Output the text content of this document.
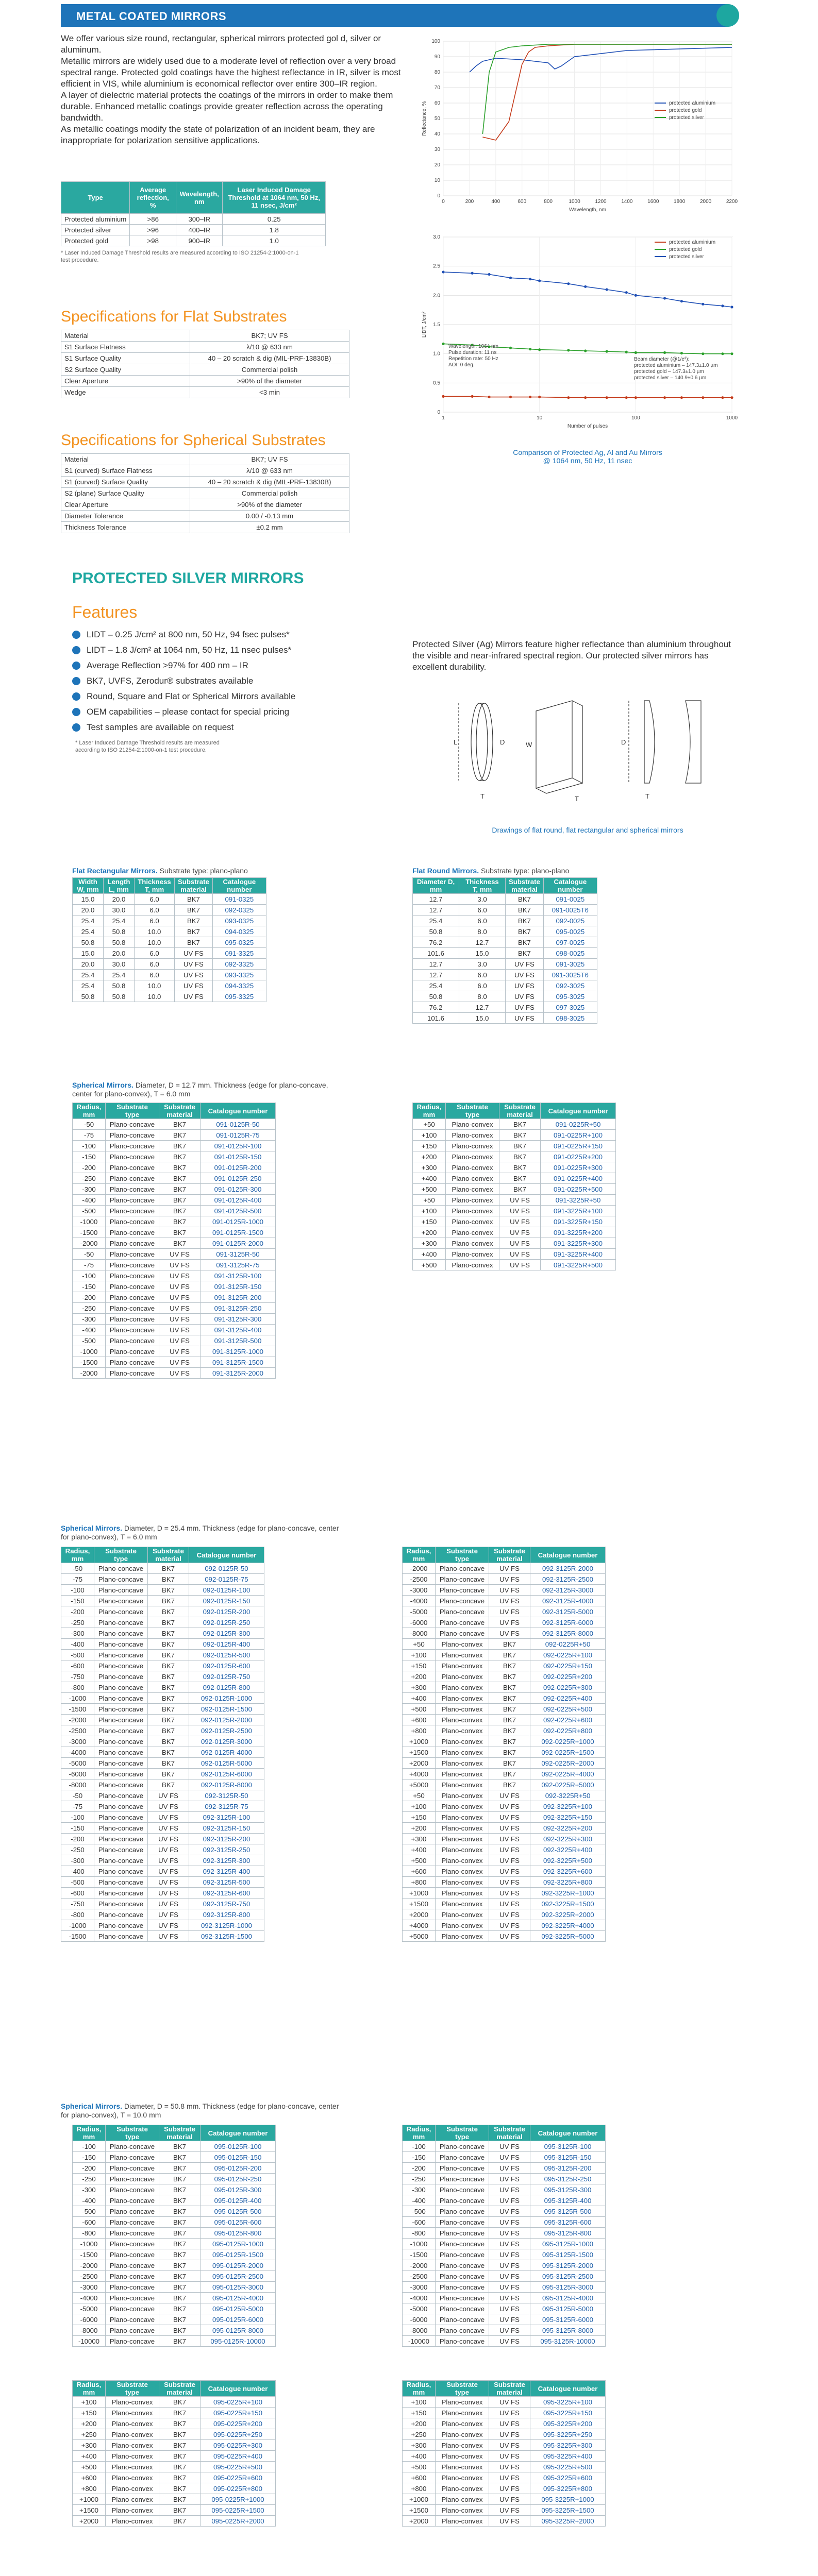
METAL COATED MIRRORS

We offer various size round, rectangular, spherical mirrors protected gol d, silver or aluminum.

Metallic mirrors are widely used due to a moderate level of reflection over a very broad spectral range. Protected gold coatings have the highest reflectance in IR, silver is most efficient in VIS, while aluminium is economical reflector over entire 300–IR region.

A layer of dielectric material protects the coatings of the mirrors in order to make them durable. Enhanced metallic coatings provide greater reflection across the operating bandwidth.

As metallic coatings modify the state of polarization of an incident beam, they are inappropriate for polarization sensitive applications.

Type	Average reflection, %	Wavelength, nm	Laser Induced Damage Threshold at 1064 nm, 50 Hz, 11 nsec, J/cm²
Protected aluminium	>86	300–IR	0.25
Protected silver	>96	400–IR	1.8
Protected gold	>98	900–IR	1.0
* Laser Induced Damage Threshold results are measured according to ISO 21254-2:1000-on-1 test procedure.
Specifications for Flat Substrates
Material	BK7; UV FS
S1 Surface Flatness	λ/10 @ 633 nm
S1 Surface Quality	40 – 20 scratch & dig (MIL-PRF-13830B)
S2 Surface Quality	Commercial polish
Clear Aperture	>90% of the diameter
Wedge	<3 min
Specifications for Spherical Substrates
Material	BK7; UV FS
S1 (curved) Surface Flatness	λ/10 @ 633 nm
S1 (curved) Surface Quality	40 – 20 scratch & dig (MIL-PRF-13830B)
S2 (plane) Surface Quality	Commercial polish
Clear Aperture	>90% of the diameter
Diameter Tolerance	0.00 / -0.13 mm
Thickness Tolerance	±0.2 mm
0
10
20
30
40
50
60
70
80
90
100
0	200	400	600	800	1000	1200	1400	1600	1800	2000	2200
Wavelength, nm
Reflectance, %	protected aluminium
protected gold
protected silver
0
0.5
1.0
1.5
2.0
2.5
3.0
1	10	100	1000
Number of pulses
LIDT, J/cm²
protected aluminium
protected gold
protected silver
Wavelength: 1064 nm
Pulse duration: 11 ns
Repetition rate: 50 Hz
AOI: 0 deg.
Beam diameter (@1/e²):
protected aluminium – 147.3±1.0 µm
protected gold – 147.3±1.0 µm
protected silver – 140.9±0.6 µm
Comparison of Protected Ag, Al and Au Mirrors
@ 1064 nm, 50 Hz, 11 nsec
PROTECTED SILVER MIRRORS
Features
LIDT – 0.25 J/cm² at 800 nm, 50 Hz, 94 fsec pulses*
LIDT – 1.8 J/cm² at 1064 nm, 50 Hz, 11 nsec pulses*
Average Reflection >97% for 400 nm – IR
BK7, UVFS, Zerodur® substrates available
Round, Square and Flat or Spherical Mirrors available
OEM capabilities – please contact for special pricing
Test samples are available on request
* Laser Induced Damage Threshold results are measured according to ISO 21254-2:1000-on-1 test procedure.
Protected Silver (Ag) Mirrors feature higher reflectance than aluminium throughout the visible and near-infrared spectral region. Our protected silver mirrors has excellent durability.
L	D
T	T
W	D
T
Drawings of flat round, flat rectangular and spherical mirrors
Flat Rectangular Mirrors. Substrate type: plano-plano
Width W, mm	Length L, mm	Thickness T, mm	Substrate material	Catalogue number
15.0	20.0	6.0	BK7	091-0325
20.0	30.0	6.0	BK7	092-0325
25.4	25.4	6.0	BK7	093-0325
25.4	50.8	10.0	BK7	094-0325
50.8	50.8	10.0	BK7	095-0325
15.0	20.0	6.0	UV FS	091-3325
20.0	30.0	6.0	UV FS	092-3325
25.4	25.4	6.0	UV FS	093-3325
25.4	50.8	10.0	UV FS	094-3325
50.8	50.8	10.0	UV FS	095-3325
Flat Round Mirrors. Substrate type: plano-plano
Diameter D, mm	Thickness T, mm	Substrate material	Catalogue number
12.7	3.0	BK7	091-0025
12.7	6.0	BK7	091-0025T6
25.4	6.0	BK7	092-0025
50.8	8.0	BK7	095-0025
76.2	12.7	BK7	097-0025
101.6	15.0	BK7	098-0025
12.7	3.0	UV FS	091-3025
12.7	6.0	UV FS	091-3025T6
25.4	6.0	UV FS	092-3025
50.8	8.0	UV FS	095-3025
76.2	12.7	UV FS	097-3025
101.6	15.0	UV FS	098-3025
Spherical Mirrors. Diameter, D = 12.7 mm. Thickness (edge for plano-concave, center for plano-convex), T = 6.0 mm
Radius, mm	Substrate type	Substrate material	Catalogue number
-50	Plano-concave	BK7	091-0125R-50
-75	Plano-concave	BK7	091-0125R-75
-100	Plano-concave	BK7	091-0125R-100
-150	Plano-concave	BK7	091-0125R-150
-200	Plano-concave	BK7	091-0125R-200
-250	Plano-concave	BK7	091-0125R-250
-300	Plano-concave	BK7	091-0125R-300
-400	Plano-concave	BK7	091-0125R-400
-500	Plano-concave	BK7	091-0125R-500
-1000	Plano-concave	BK7	091-0125R-1000
-1500	Plano-concave	BK7	091-0125R-1500
-2000	Plano-concave	BK7	091-0125R-2000
-50	Plano-concave	UV FS	091-3125R-50
-75	Plano-concave	UV FS	091-3125R-75
-100	Plano-concave	UV FS	091-3125R-100
-150	Plano-concave	UV FS	091-3125R-150
-200	Plano-concave	UV FS	091-3125R-200
-250	Plano-concave	UV FS	091-3125R-250
-300	Plano-concave	UV FS	091-3125R-300
-400	Plano-concave	UV FS	091-3125R-400
-500	Plano-concave	UV FS	091-3125R-500
-1000	Plano-concave	UV FS	091-3125R-1000
-1500	Plano-concave	UV FS	091-3125R-1500
-2000	Plano-concave	UV FS	091-3125R-2000
Radius, mm	Substrate type	Substrate material	Catalogue number
+50	Plano-convex	BK7	091-0225R+50
+100	Plano-convex	BK7	091-0225R+100
+150	Plano-convex	BK7	091-0225R+150
+200	Plano-convex	BK7	091-0225R+200
+300	Plano-convex	BK7	091-0225R+300
+400	Plano-convex	BK7	091-0225R+400
+500	Plano-convex	BK7	091-0225R+500
+50	Plano-convex	UV FS	091-3225R+50
+100	Plano-convex	UV FS	091-3225R+100
+150	Plano-convex	UV FS	091-3225R+150
+200	Plano-convex	UV FS	091-3225R+200
+300	Plano-convex	UV FS	091-3225R+300
+400	Plano-convex	UV FS	091-3225R+400
+500	Plano-convex	UV FS	091-3225R+500
Spherical Mirrors. Diameter, D = 25.4 mm. Thickness (edge for plano-concave, center for plano-convex), T = 6.0 mm
Radius, mm	Substrate type	Substrate material	Catalogue number
-50	Plano-concave	BK7	092-0125R-50
-75	Plano-concave	BK7	092-0125R-75
-100	Plano-concave	BK7	092-0125R-100
-150	Plano-concave	BK7	092-0125R-150
-200	Plano-concave	BK7	092-0125R-200
-250	Plano-concave	BK7	092-0125R-250
-300	Plano-concave	BK7	092-0125R-300
-400	Plano-concave	BK7	092-0125R-400
-500	Plano-concave	BK7	092-0125R-500
-600	Plano-concave	BK7	092-0125R-600
-750	Plano-concave	BK7	092-0125R-750
-800	Plano-concave	BK7	092-0125R-800
-1000	Plano-concave	BK7	092-0125R-1000
-1500	Plano-concave	BK7	092-0125R-1500
-2000	Plano-concave	BK7	092-0125R-2000
-2500	Plano-concave	BK7	092-0125R-2500
-3000	Plano-concave	BK7	092-0125R-3000
-4000	Plano-concave	BK7	092-0125R-4000
-5000	Plano-concave	BK7	092-0125R-5000
-6000	Plano-concave	BK7	092-0125R-6000
-8000	Plano-concave	BK7	092-0125R-8000
-50	Plano-concave	UV FS	092-3125R-50
-75	Plano-concave	UV FS	092-3125R-75
-100	Plano-concave	UV FS	092-3125R-100
-150	Plano-concave	UV FS	092-3125R-150
-200	Plano-concave	UV FS	092-3125R-200
-250	Plano-concave	UV FS	092-3125R-250
-300	Plano-concave	UV FS	092-3125R-300
-400	Plano-concave	UV FS	092-3125R-400
-500	Plano-concave	UV FS	092-3125R-500
-600	Plano-concave	UV FS	092-3125R-600
-750	Plano-concave	UV FS	092-3125R-750
-800	Plano-concave	UV FS	092-3125R-800
-1000	Plano-concave	UV FS	092-3125R-1000
-1500	Plano-concave	UV FS	092-3125R-1500
Radius, mm	Substrate type	Substrate material	Catalogue number
-2000	Plano-concave	UV FS	092-3125R-2000
-2500	Plano-concave	UV FS	092-3125R-2500
-3000	Plano-concave	UV FS	092-3125R-3000
-4000	Plano-concave	UV FS	092-3125R-4000
-5000	Plano-concave	UV FS	092-3125R-5000
-6000	Plano-concave	UV FS	092-3125R-6000
-8000	Plano-concave	UV FS	092-3125R-8000
+50	Plano-convex	BK7	092-0225R+50
+100	Plano-convex	BK7	092-0225R+100
+150	Plano-convex	BK7	092-0225R+150
+200	Plano-convex	BK7	092-0225R+200
+300	Plano-convex	BK7	092-0225R+300
+400	Plano-convex	BK7	092-0225R+400
+500	Plano-convex	BK7	092-0225R+500
+600	Plano-convex	BK7	092-0225R+600
+800	Plano-convex	BK7	092-0225R+800
+1000	Plano-convex	BK7	092-0225R+1000
+1500	Plano-convex	BK7	092-0225R+1500
+2000	Plano-convex	BK7	092-0225R+2000
+4000	Plano-convex	BK7	092-0225R+4000
+5000	Plano-convex	BK7	092-0225R+5000
+50	Plano-convex	UV FS	092-3225R+50
+100	Plano-convex	UV FS	092-3225R+100
+150	Plano-convex	UV FS	092-3225R+150
+200	Plano-convex	UV FS	092-3225R+200
+300	Plano-convex	UV FS	092-3225R+300
+400	Plano-convex	UV FS	092-3225R+400
+500	Plano-convex	UV FS	092-3225R+500
+600	Plano-convex	UV FS	092-3225R+600
+800	Plano-convex	UV FS	092-3225R+800
+1000	Plano-convex	UV FS	092-3225R+1000
+1500	Plano-convex	UV FS	092-3225R+1500
+2000	Plano-convex	UV FS	092-3225R+2000
+4000	Plano-convex	UV FS	092-3225R+4000
+5000	Plano-convex	UV FS	092-3225R+5000
Spherical Mirrors. Diameter, D = 50.8 mm. Thickness (edge for plano-concave, center for plano-convex), T = 10.0 mm
Radius, mm	Substrate type	Substrate material	Catalogue number
-100	Plano-concave	BK7	095-0125R-100
-150	Plano-concave	BK7	095-0125R-150
-200	Plano-concave	BK7	095-0125R-200
-250	Plano-concave	BK7	095-0125R-250
-300	Plano-concave	BK7	095-0125R-300
-400	Plano-concave	BK7	095-0125R-400
-500	Plano-concave	BK7	095-0125R-500
-600	Plano-concave	BK7	095-0125R-600
-800	Plano-concave	BK7	095-0125R-800
-1000	Plano-concave	BK7	095-0125R-1000
-1500	Plano-concave	BK7	095-0125R-1500
-2000	Plano-concave	BK7	095-0125R-2000
-2500	Plano-concave	BK7	095-0125R-2500
-3000	Plano-concave	BK7	095-0125R-3000
-4000	Plano-concave	BK7	095-0125R-4000
-5000	Plano-concave	BK7	095-0125R-5000
-6000	Plano-concave	BK7	095-0125R-6000
-8000	Plano-concave	BK7	095-0125R-8000
-10000	Plano-concave	BK7	095-0125R-10000
Radius, mm	Substrate type	Substrate material	Catalogue number
-100	Plano-concave	UV FS	095-3125R-100
-150	Plano-concave	UV FS	095-3125R-150
-200	Plano-concave	UV FS	095-3125R-200
-250	Plano-concave	UV FS	095-3125R-250
-300	Plano-concave	UV FS	095-3125R-300
-400	Plano-concave	UV FS	095-3125R-400
-500	Plano-concave	UV FS	095-3125R-500
-600	Plano-concave	UV FS	095-3125R-600
-800	Plano-concave	UV FS	095-3125R-800
-1000	Plano-concave	UV FS	095-3125R-1000
-1500	Plano-concave	UV FS	095-3125R-1500
-2000	Plano-concave	UV FS	095-3125R-2000
-2500	Plano-concave	UV FS	095-3125R-2500
-3000	Plano-concave	UV FS	095-3125R-3000
-4000	Plano-concave	UV FS	095-3125R-4000
-5000	Plano-concave	UV FS	095-3125R-5000
-6000	Plano-concave	UV FS	095-3125R-6000
-8000	Plano-concave	UV FS	095-3125R-8000
-10000	Plano-concave	UV FS	095-3125R-10000
Radius, mm	Substrate type	Substrate material	Catalogue number
+100	Plano-convex	BK7	095-0225R+100
+150	Plano-convex	BK7	095-0225R+150
+200	Plano-convex	BK7	095-0225R+200
+250	Plano-convex	BK7	095-0225R+250
+300	Plano-convex	BK7	095-0225R+300
+400	Plano-convex	BK7	095-0225R+400
+500	Plano-convex	BK7	095-0225R+500
+600	Plano-convex	BK7	095-0225R+600
+800	Plano-convex	BK7	095-0225R+800
+1000	Plano-convex	BK7	095-0225R+1000
+1500	Plano-convex	BK7	095-0225R+1500
+2000	Plano-convex	BK7	095-0225R+2000
Radius, mm	Substrate type	Substrate material	Catalogue number
+100	Plano-convex	UV FS	095-3225R+100
+150	Plano-convex	UV FS	095-3225R+150
+200	Plano-convex	UV FS	095-3225R+200
+250	Plano-convex	UV FS	095-3225R+250
+300	Plano-convex	UV FS	095-3225R+300
+400	Plano-convex	UV FS	095-3225R+400
+500	Plano-convex	UV FS	095-3225R+500
+600	Plano-convex	UV FS	095-3225R+600
+800	Plano-convex	UV FS	095-3225R+800
+1000	Plano-convex	UV FS	095-3225R+1000
+1500	Plano-convex	UV FS	095-3225R+1500
+2000	Plano-convex	UV FS	095-3225R+2000
